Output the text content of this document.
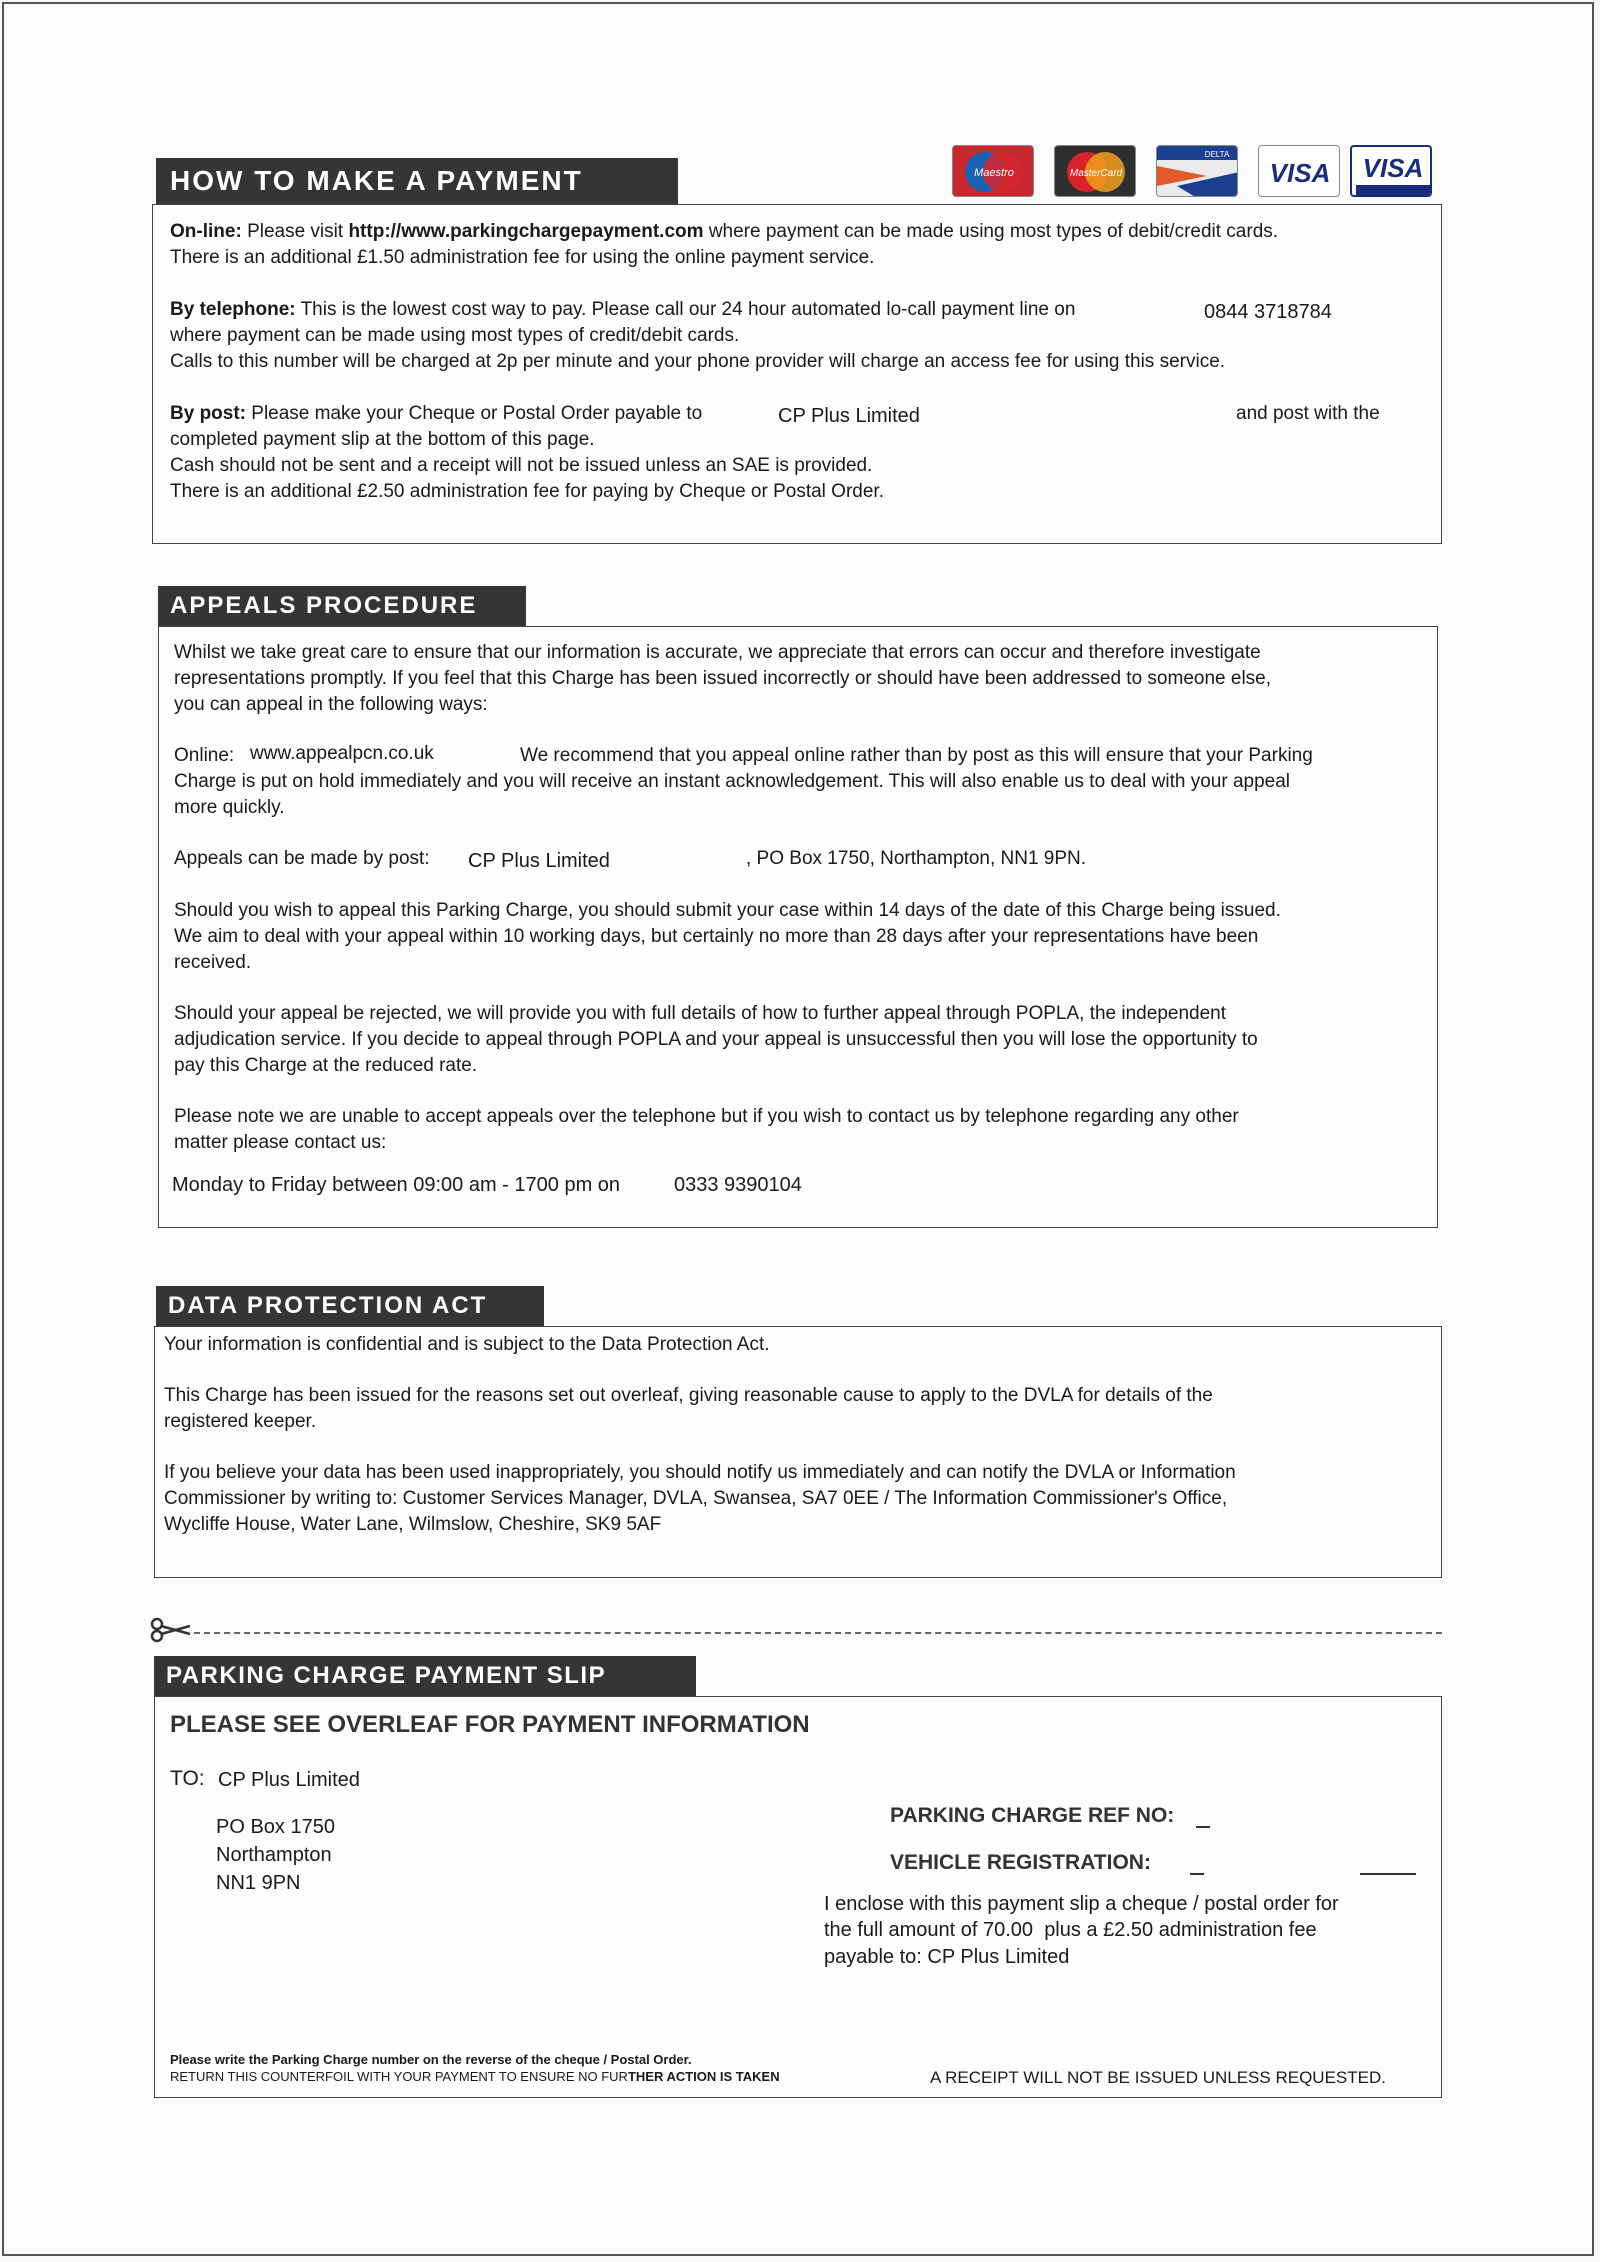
HOW TO MAKE A PAYMENT	Maestro	MasterCard
DELTA
VISA VISA
On-line: Please visit http://www.parkingchargepayment.com where payment can be made using most types of debit/credit cards.
There is an additional £1.50 administration fee for using the online payment service.
By telephone: This is the lowest cost way to pay. Please call our 24 hour automated lo-call payment line on	0844 3718784
where payment can be made using most types of credit/debit cards.
Calls to this number will be charged at 2p per minute and your phone provider will charge an access fee for using this service.
By post: Please make your Cheque or Postal Order payable to	CP Plus Limited	and post with the
completed payment slip at the bottom of this page.
Cash should not be sent and a receipt will not be issued unless an SAE is provided.
There is an additional £2.50 administration fee for paying by Cheque or Postal Order.
APPEALS PROCEDURE
Whilst we take great care to ensure that our information is accurate, we appreciate that errors can occur and therefore investigate
representations promptly. If you feel that this Charge has been issued incorrectly or should have been addressed to someone else,
you can appeal in the following ways:
Online: www.appealpcn.co.uk	We recommend that you appeal online rather than by post as this will ensure that your Parking
Charge is put on hold immediately and you will receive an instant acknowledgement. This will also enable us to deal with your appeal
more quickly.
Appeals can be made by post: CP Plus Limited	, PO Box 1750, Northampton, NN1 9PN.
Should you wish to appeal this Parking Charge, you should submit your case within 14 days of the date of this Charge being issued.
We aim to deal with your appeal within 10 working days, but certainly no more than 28 days after your representations have been
received.
Should your appeal be rejected, we will provide you with full details of how to further appeal through POPLA, the independent
adjudication service. If you decide to appeal through POPLA and your appeal is unsuccessful then you will lose the opportunity to
pay this Charge at the reduced rate.
Please note we are unable to accept appeals over the telephone but if you wish to contact us by telephone regarding any other
matter please contact us:
Monday to Friday between 09:00 am - 1700 pm on	0333 9390104
DATA PROTECTION ACT
Your information is confidential and is subject to the Data Protection Act.
This Charge has been issued for the reasons set out overleaf, giving reasonable cause to apply to the DVLA for details of the
registered keeper.
If you believe your data has been used inappropriately, you should notify us immediately and can notify the DVLA or Information
Commissioner by writing to: Customer Services Manager, DVLA, Swansea, SA7 0EE / The Information Commissioner's Office,
Wycliffe House, Water Lane, Wilmslow, Cheshire, SK9 5AF
PARKING CHARGE PAYMENT SLIP
PLEASE SEE OVERLEAF FOR PAYMENT INFORMATION
TO: CP Plus Limited
PO Box 1750
Northampton
NN1 9PN
PARKING CHARGE REF NO:
VEHICLE REGISTRATION:
I enclose with this payment slip a cheque / postal order for
the full amount of 70.00 plus a £2.50 administration fee
payable to: CP Plus Limited
Please write the Parking Charge number on the reverse of the cheque / Postal Order.
RETURN THIS COUNTERFOIL WITH YOUR PAYMENT TO ENSURE NO FURTHER ACTION IS TAKEN	A RECEIPT WILL NOT BE ISSUED UNLESS REQUESTED.
